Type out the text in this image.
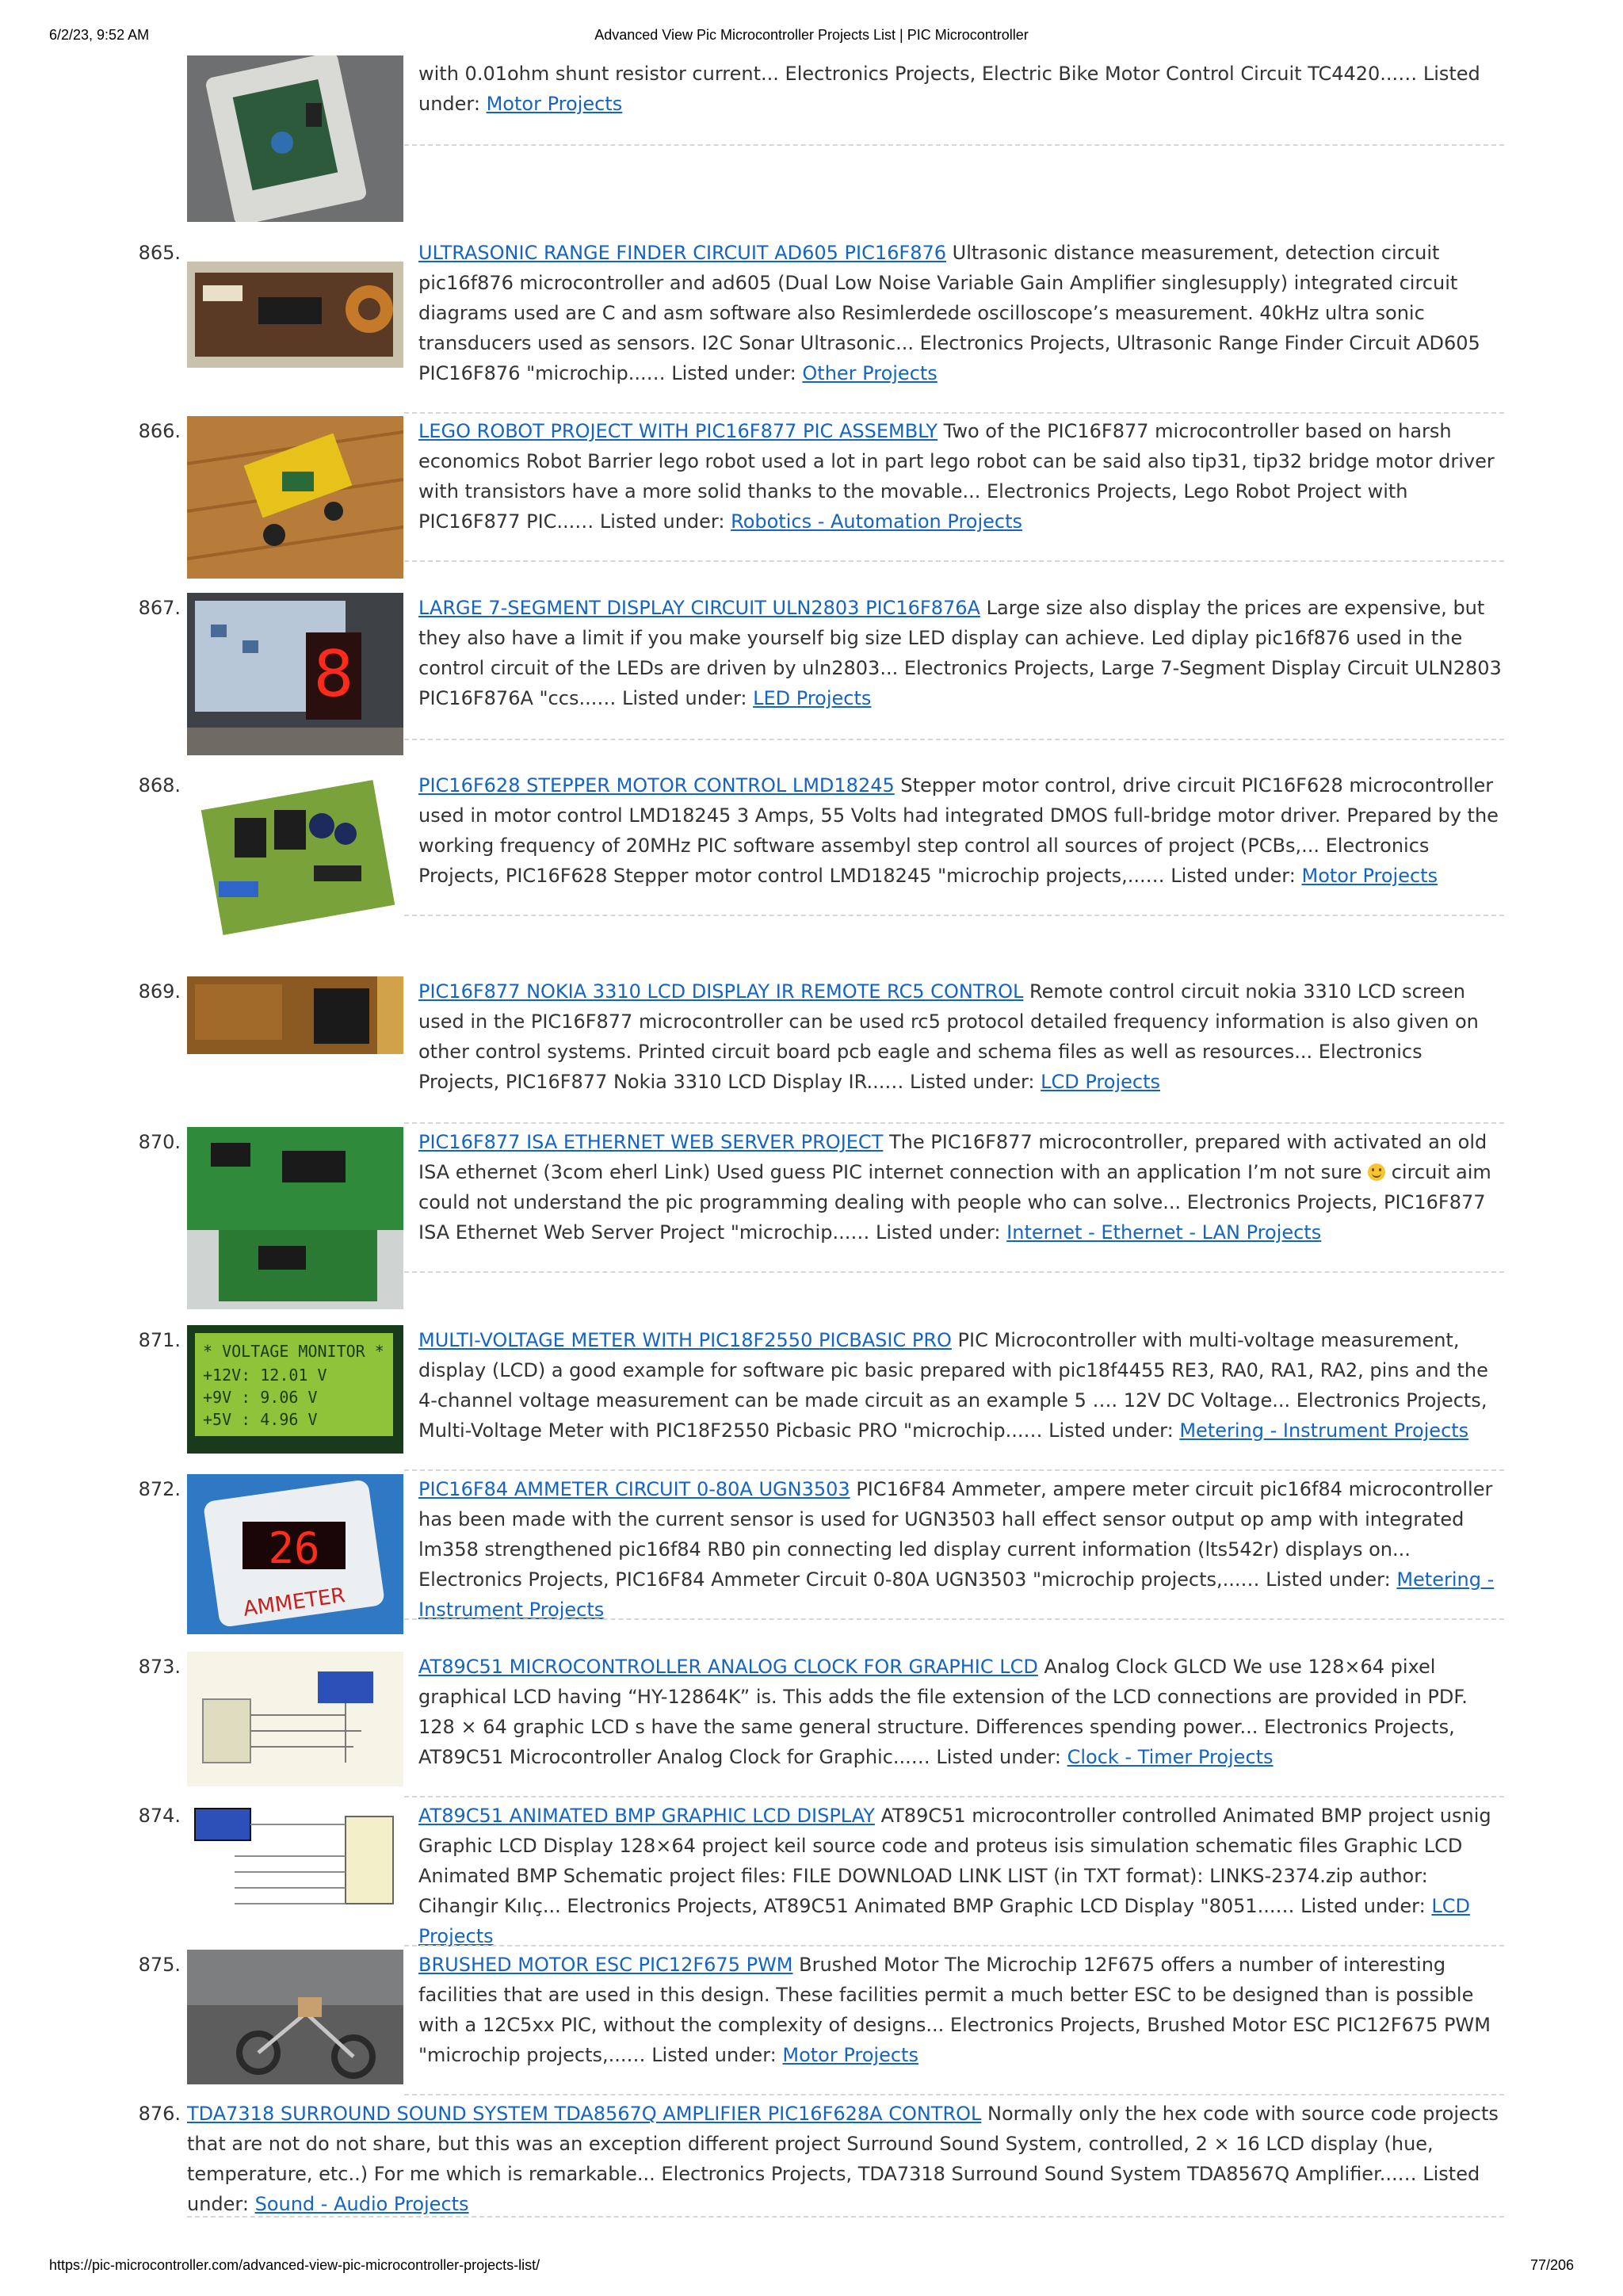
6/2/23, 9:52 AM	Advanced View Pic Microcontroller Projects List | PIC Microcontroller
with 0.01ohm shunt resistor current... Electronics Projects, Electric Bike Motor Control Circuit TC4420...… Listed under: Motor Projects
865.	ULTRASONIC RANGE FINDER CIRCUIT AD605 PIC16F876 Ultrasonic distance measurement, detection circuit pic16f876 microcontroller and ad605 (Dual Low Noise Variable Gain Amplifier singlesupply) integrated circuit diagrams used are C and asm software also Resimlerdede oscilloscope’s measurement. 40kHz ultra sonic transducers used as sensors. I2C Sonar Ultrasonic... Electronics Projects, Ultrasonic Range Finder Circuit AD605 PIC16F876 "microchip...… Listed under: Other Projects
866.	LEGO ROBOT PROJECT WITH PIC16F877 PIC ASSEMBLY Two of the PIC16F877 microcontroller based on harsh economics Robot Barrier lego robot used a lot in part lego robot can be said also tip31, tip32 bridge motor driver with transistors have a more solid thanks to the movable... Electronics Projects, Lego Robot Project with PIC16F877 PIC...… Listed under: Robotics - Automation Projects
867.
8
LARGE 7-SEGMENT DISPLAY CIRCUIT ULN2803 PIC16F876A Large size also display the prices are expensive, but they also have a limit if you make yourself big size LED display can achieve. Led diplay pic16f876 used in the control circuit of the LEDs are driven by uln2803... Electronics Projects, Large 7-Segment Display Circuit ULN2803 PIC16F876A "ccs...… Listed under: LED Projects
868.	PIC16F628 STEPPER MOTOR CONTROL LMD18245 Stepper motor control, drive circuit PIC16F628 microcontroller used in motor control LMD18245 3 Amps, 55 Volts had integrated DMOS full-bridge motor driver. Prepared by the working frequency of 20MHz PIC software assembyl step control all sources of project (PCBs,... Electronics Projects, PIC16F628 Stepper motor control LMD18245 "microchip projects,...… Listed under: Motor Projects
869.	PIC16F877 NOKIA 3310 LCD DISPLAY IR REMOTE RC5 CONTROL Remote control circuit nokia 3310 LCD screen used in the PIC16F877 microcontroller can be used rc5 protocol detailed frequency information is also given on other control systems. Printed circuit board pcb eagle and schema files as well as resources... Electronics Projects, PIC16F877 Nokia 3310 LCD Display IR...… Listed under: LCD Projects
870.	PIC16F877 ISA ETHERNET WEB SERVER PROJECT The PIC16F877 microcontroller, prepared with activated an old ISA ethernet (3com eherl Link) Used guess PIC internet connection with an application I’m not sure circuit aim could not understand the pic programming dealing with people who can solve... Electronics Projects, PIC16F877 ISA Ethernet Web Server Project "microchip...… Listed under: Internet - Ethernet - LAN Projects
871. * VOLTAGE MONITOR *
+12V: 12.01 V
+9V : 9.06 V
+5V : 4.96 V
MULTI-VOLTAGE METER WITH PIC18F2550 PICBASIC PRO PIC Microcontroller with multi-voltage measurement, display (LCD) a good example for software pic basic prepared with pic18f4455 RE3, RA0, RA1, RA2, pins and the 4-channel voltage measurement can be made circuit as an example 5 …. 12V DC Voltage... Electronics Projects, Multi-Voltage Meter with PIC18F2550 Picbasic PRO "microchip...… Listed under: Metering - Instrument Projects
872.
26
AMMETER
PIC16F84 AMMETER CIRCUIT 0-80A UGN3503 PIC16F84 Ammeter, ampere meter circuit pic16f84 microcontroller has been made with the current sensor is used for UGN3503 hall effect sensor output op amp with integrated lm358 strengthened pic16f84 RB0 pin connecting led display current information (lts542r) displays on... Electronics Projects, PIC16F84 Ammeter Circuit 0-80A UGN3503 "microchip projects,...… Listed under: Metering - Instrument Projects
873.	AT89C51 MICROCONTROLLER ANALOG CLOCK FOR GRAPHIC LCD Analog Clock GLCD We use 128×64 pixel graphical LCD having “HY-12864K” is. This adds the file extension of the LCD connections are provided in PDF. 128 × 64 graphic LCD s have the same general structure. Differences spending power... Electronics Projects, AT89C51 Microcontroller Analog Clock for Graphic...… Listed under: Clock - Timer Projects
874.	AT89C51 ANIMATED BMP GRAPHIC LCD DISPLAY AT89C51 microcontroller controlled Animated BMP project usnig Graphic LCD Display 128×64 project keil source code and proteus isis simulation schematic files Graphic LCD Animated BMP Schematic project files: FILE DOWNLOAD LINK LIST (in TXT format): LINKS-2374.zip author: Cihangir Kılıç... Electronics Projects, AT89C51 Animated BMP Graphic LCD Display "8051...… Listed under: LCD Projects
875.	BRUSHED MOTOR ESC PIC12F675 PWM Brushed Motor The Microchip 12F675 offers a number of interesting facilities that are used in this design. These facilities permit a much better ESC to be designed than is possible with a 12C5xx PIC, without the complexity of designs... Electronics Projects, Brushed Motor ESC PIC12F675 PWM "microchip projects,...… Listed under: Motor Projects
876. TDA7318 SURROUND SOUND SYSTEM TDA8567Q AMPLIFIER PIC16F628A CONTROL Normally only the hex code with source code projects that are not do not share, but this was an exception different project Surround Sound System, controlled, 2 × 16 LCD display (hue, temperature, etc..) For me which is remarkable... Electronics Projects, TDA7318 Surround Sound System TDA8567Q Amplifier...… Listed under: Sound - Audio Projects
https://pic-microcontroller.com/advanced-view-pic-microcontroller-projects-list/	77/206
